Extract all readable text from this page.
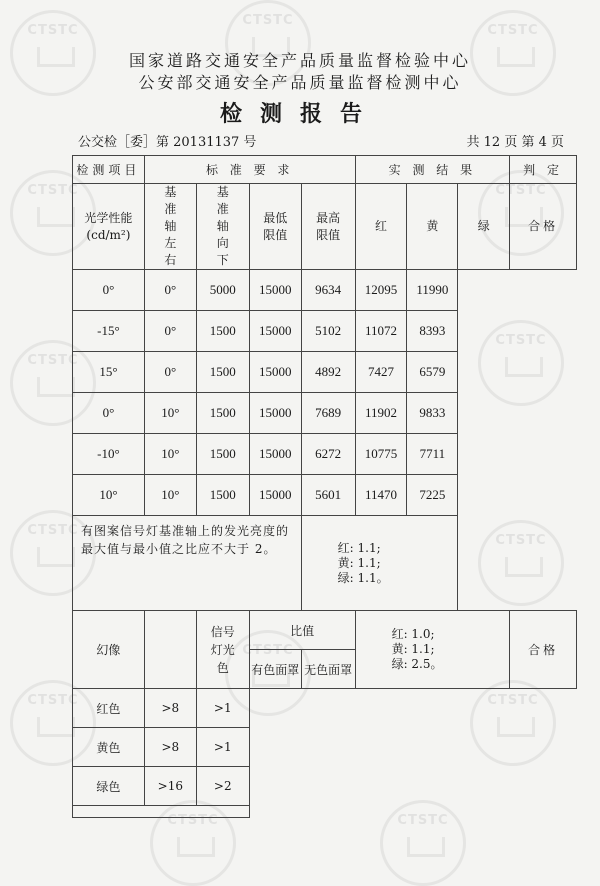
CTSTC
CTSTC
CTSTC
CTSTC	CTSTC
CTSTC
CTSTC
CTSTC
CTSTC
CTSTC
CTSTC	CTSTC
CTSTC	CTSTC
国家道路交通安全产品质量监督检验中心
公安部交通安全产品质量监督检测中心
检测报告
公交检［委］第 20131137 号	共 12 页 第 4 页
检测项目	标 准 要 求				实 测 结 果			判 定
光学性能
(cd/m²)	基准轴左右	基准轴向下	最低限值	最高限值	红	黄	绿	合格
0°	0°	5000	15000	9634	12095	11990		
-15°	0°	1500	15000	5102	11072	8393		
15°	0°	1500	15000	4892	7427	6579		
0°	10°	1500	15000	7689	11902	9833		
-10°	10°	1500	15000	6272	10775	7711		
10°	10°	1500	15000	5601	11470	7225		
有图案信号灯基准轴上的发光亮度的最大值与最小值之比应不大于 2。				红: 1.1;
黄: 1.1;
绿: 1.1。				

幻像		信号灯光色	比值		红: 1.0;
黄: 1.1;
绿: 2.5。			合格
			有色面罩	无色面罩				
红色	>8	>1						
黄色	>8	>1						
绿色	>16	>2						
